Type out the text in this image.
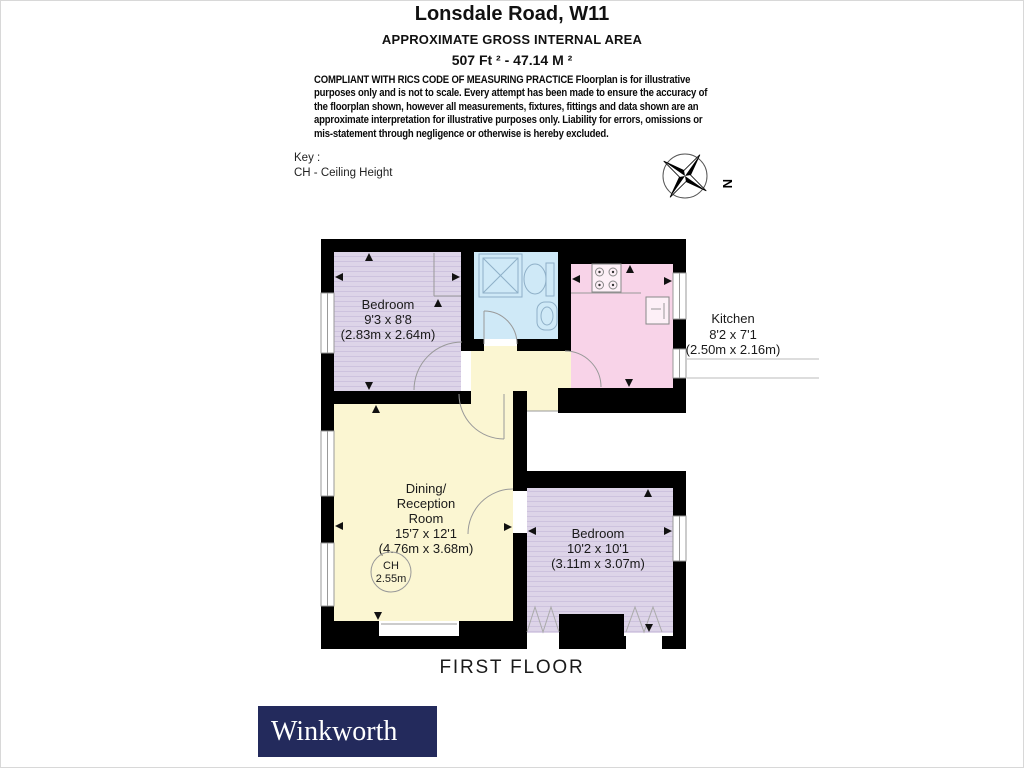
Lonsdale Road, W11
APPROXIMATE GROSS INTERNAL AREA
507 Ft ² - 47.14 M ²
COMPLIANT WITH RICS CODE OF MEASURING PRACTICE Floorplan is for illustrative
purposes only and is not to scale. Every attempt has been made to ensure the accuracy of
the floorplan shown, however all measurements, fixtures, fittings and data shown are an
approximate interpretation for illustrative purposes only. Liability for errors, omissions or
mis-statement through negligence or otherwise is hereby excluded.
Key :
CH - Ceiling Height
N
Bedroom
9'3 x 8'8
(2.83m x 2.64m)
Kitchen
8'2 x 7'1
(2.50m x 2.16m)
Dining/
Reception
Room
15'7 x 12'1
(4.76m x 3.68m)
CH
2.55m
Bedroom
10'2 x 10'1
(3.11m x 3.07m)
FIRST FLOOR
Winkworth
